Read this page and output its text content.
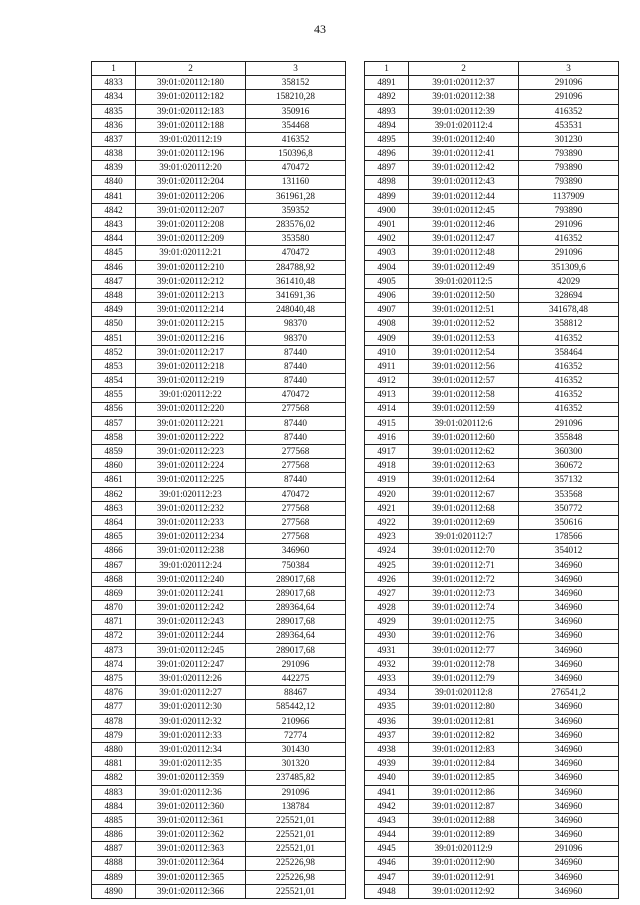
43
1	2	3
4833	39:01:020112:180	358152
4834	39:01:020112:182	158210,28
4835	39:01:020112:183	350916
4836	39:01:020112:188	354468
4837	39:01:020112:19	416352
4838	39:01:020112:196	150396,8
4839	39:01:020112:20	470472
4840	39:01:020112:204	131160
4841	39:01:020112:206	361961,28
4842	39:01:020112:207	359352
4843	39:01:020112:208	283576,02
4844	39:01:020112:209	353580
4845	39:01:020112:21	470472
4846	39:01:020112:210	284788,92
4847	39:01:020112:212	361410,48
4848	39:01:020112:213	341691,36
4849	39:01:020112:214	248040,48
4850	39:01:020112:215	98370
4851	39:01:020112:216	98370
4852	39:01:020112:217	87440
4853	39:01:020112:218	87440
4854	39:01:020112:219	87440
4855	39:01:020112:22	470472
4856	39:01:020112:220	277568
4857	39:01:020112:221	87440
4858	39:01:020112:222	87440
4859	39:01:020112:223	277568
4860	39:01:020112:224	277568
4861	39:01:020112:225	87440
4862	39:01:020112:23	470472
4863	39:01:020112:232	277568
4864	39:01:020112:233	277568
4865	39:01:020112:234	277568
4866	39:01:020112:238	346960
4867	39:01:020112:24	750384
4868	39:01:020112:240	289017,68
4869	39:01:020112:241	289017,68
4870	39:01:020112:242	289364,64
4871	39:01:020112:243	289017,68
4872	39:01:020112:244	289364,64
4873	39:01:020112:245	289017,68
4874	39:01:020112:247	291096
4875	39:01:020112:26	442275
4876	39:01:020112:27	88467
4877	39:01:020112:30	585442,12
4878	39:01:020112:32	210966
4879	39:01:020112:33	72774
4880	39:01:020112:34	301430
4881	39:01:020112:35	301320
4882	39:01:020112:359	237485,82
4883	39:01:020112:36	291096
4884	39:01:020112:360	138784
4885	39:01:020112:361	225521,01
4886	39:01:020112:362	225521,01
4887	39:01:020112:363	225521,01
4888	39:01:020112:364	225226,98
4889	39:01:020112:365	225226,98
4890	39:01:020112:366	225521,01
1	2	3
4891	39:01:020112:37	291096
4892	39:01:020112:38	291096
4893	39:01:020112:39	416352
4894	39:01:020112:4	453531
4895	39:01:020112:40	301230
4896	39:01:020112:41	793890
4897	39:01:020112:42	793890
4898	39:01:020112:43	793890
4899	39:01:020112:44	1137909
4900	39:01:020112:45	793890
4901	39:01:020112:46	291096
4902	39:01:020112:47	416352
4903	39:01:020112:48	291096
4904	39:01:020112:49	351309,6
4905	39:01:020112:5	42029
4906	39:01:020112:50	328694
4907	39:01:020112:51	341678,48
4908	39:01:020112:52	358812
4909	39:01:020112:53	416352
4910	39:01:020112:54	358464
4911	39:01:020112:56	416352
4912	39:01:020112:57	416352
4913	39:01:020112:58	416352
4914	39:01:020112:59	416352
4915	39:01:020112:6	291096
4916	39:01:020112:60	355848
4917	39:01:020112:62	360300
4918	39:01:020112:63	360672
4919	39:01:020112:64	357132
4920	39:01:020112:67	353568
4921	39:01:020112:68	350772
4922	39:01:020112:69	350616
4923	39:01:020112:7	178566
4924	39:01:020112:70	354012
4925	39:01:020112:71	346960
4926	39:01:020112:72	346960
4927	39:01:020112:73	346960
4928	39:01:020112:74	346960
4929	39:01:020112:75	346960
4930	39:01:020112:76	346960
4931	39:01:020112:77	346960
4932	39:01:020112:78	346960
4933	39:01:020112:79	346960
4934	39:01:020112:8	276541,2
4935	39:01:020112:80	346960
4936	39:01:020112:81	346960
4937	39:01:020112:82	346960
4938	39:01:020112:83	346960
4939	39:01:020112:84	346960
4940	39:01:020112:85	346960
4941	39:01:020112:86	346960
4942	39:01:020112:87	346960
4943	39:01:020112:88	346960
4944	39:01:020112:89	346960
4945	39:01:020112:9	291096
4946	39:01:020112:90	346960
4947	39:01:020112:91	346960
4948	39:01:020112:92	346960
